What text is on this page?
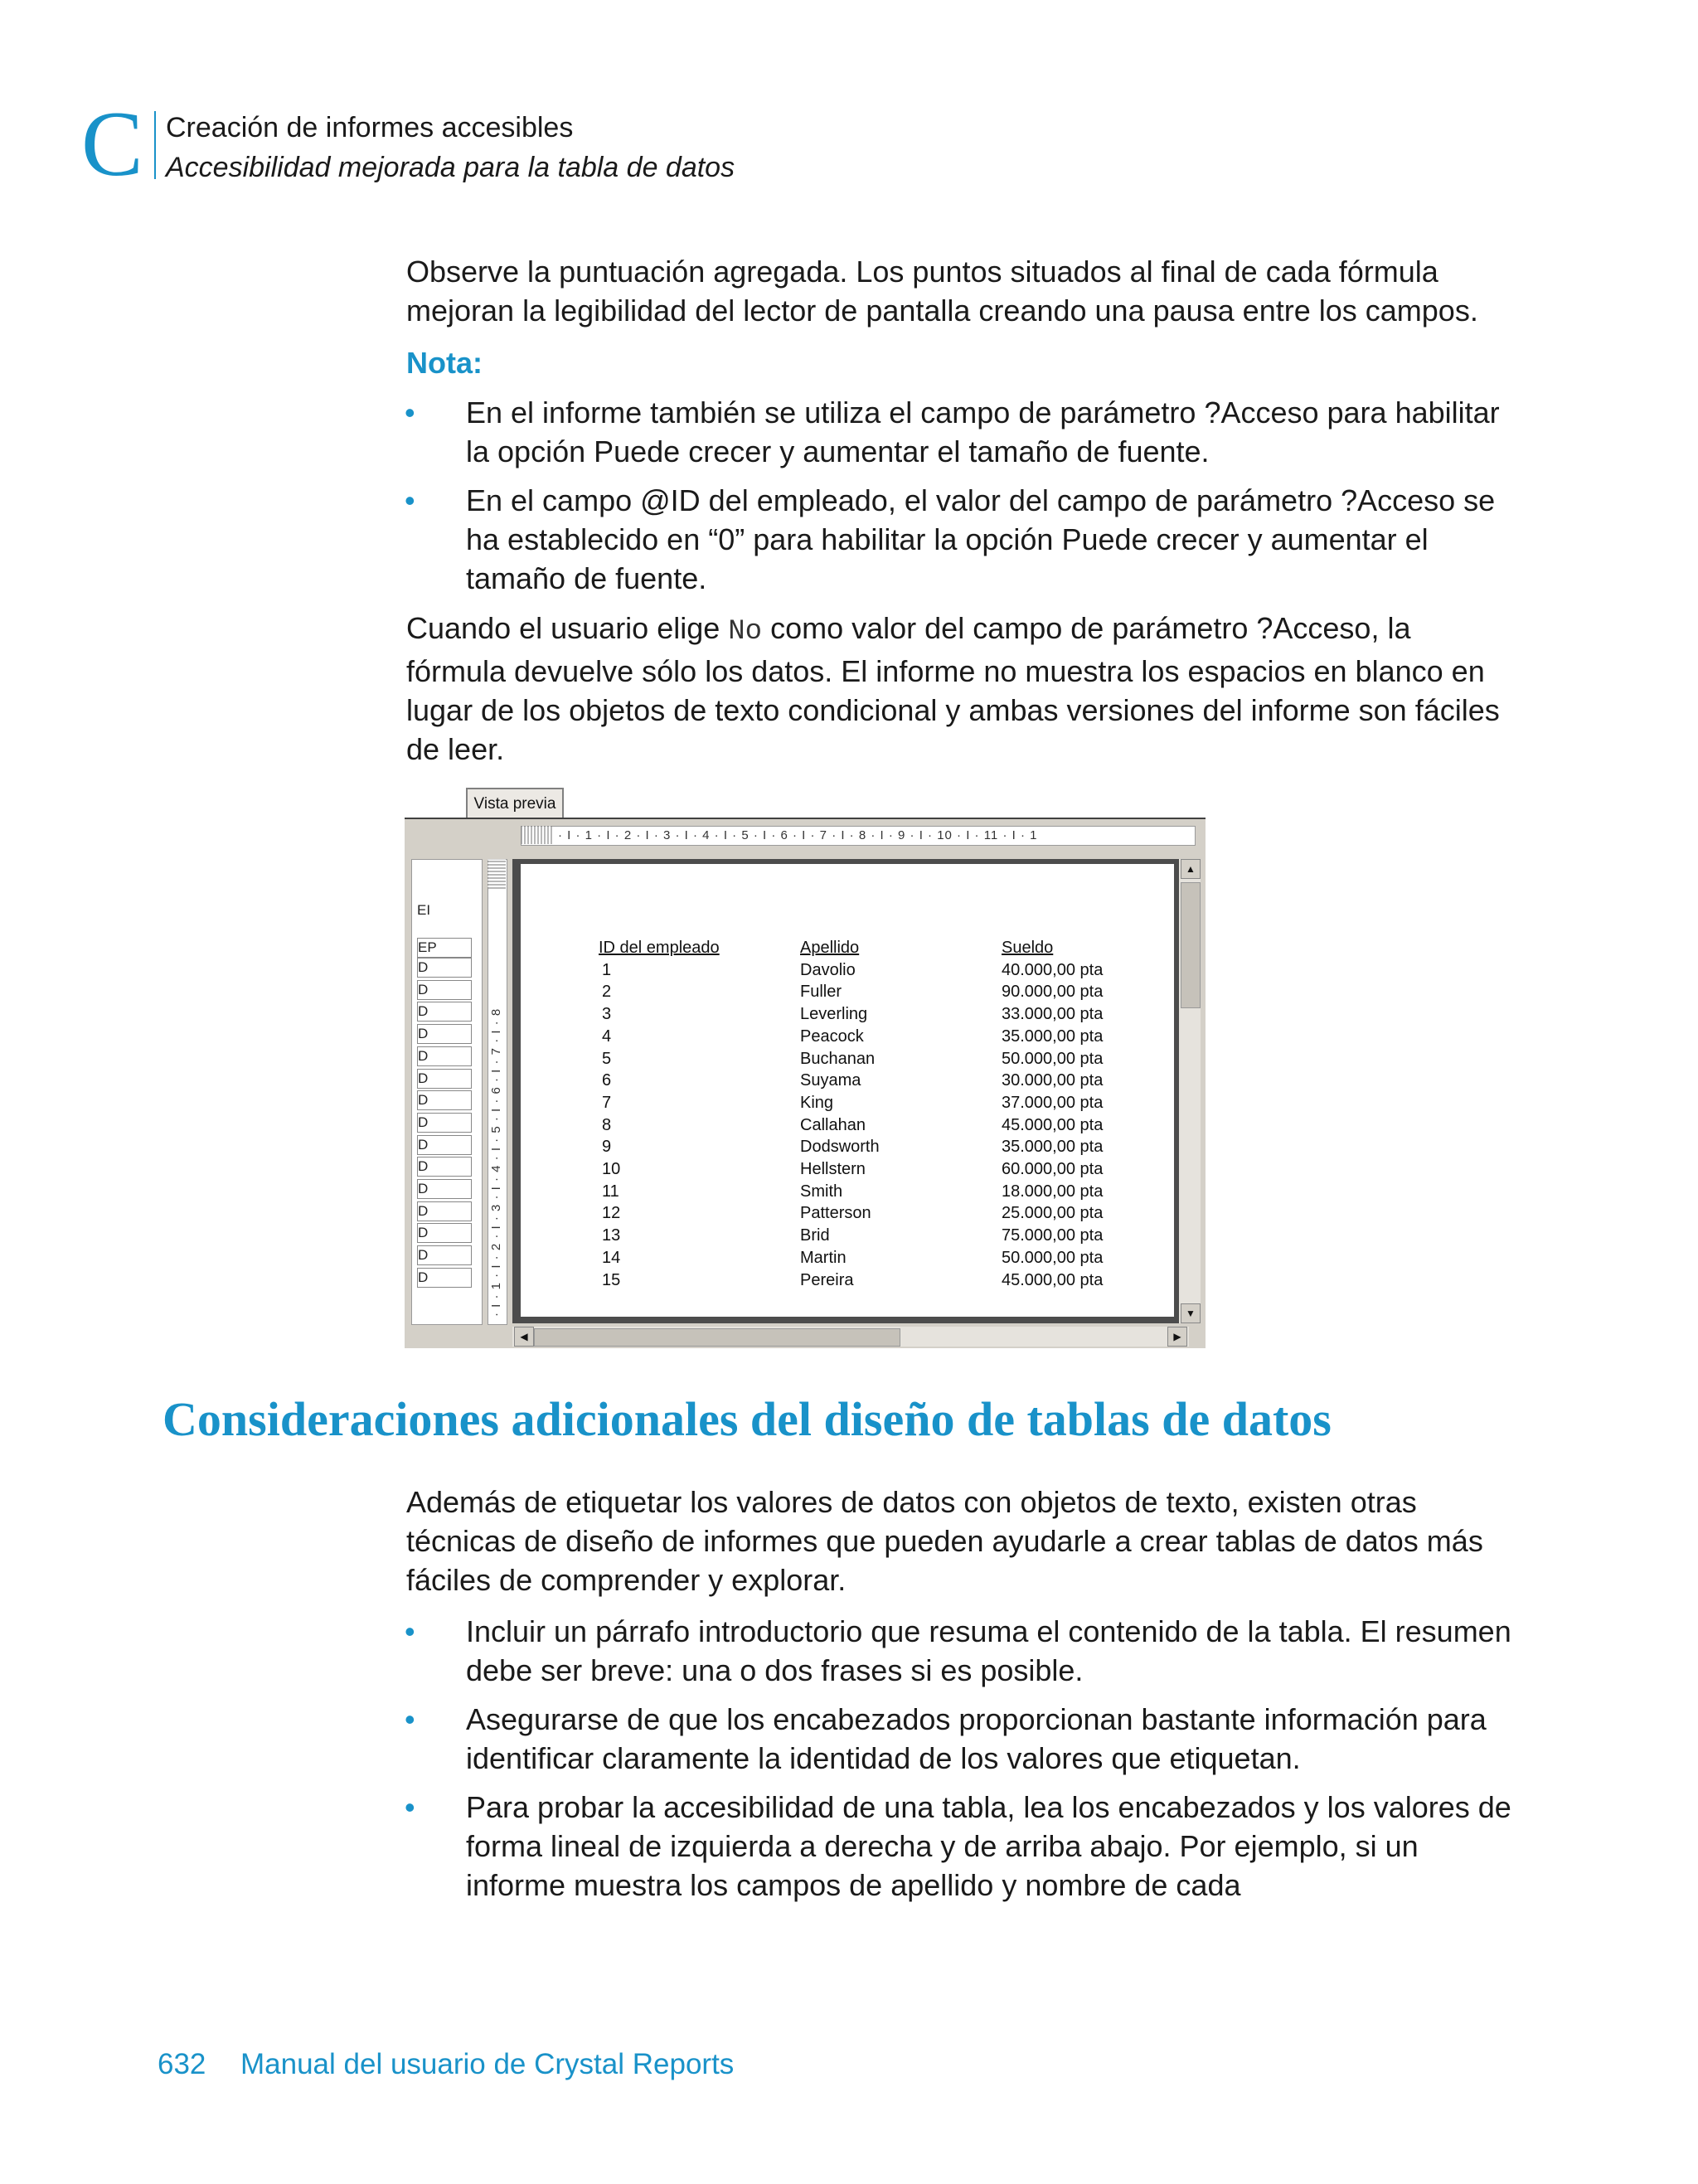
C Creación de informes accesibles
Accesibilidad mejorada para la tabla de datos
Observe la puntuación agregada. Los puntos situados al final de cada fórmula mejoran la legibilidad del lector de pantalla creando una pausa entre los campos.
Nota:
• En el informe también se utiliza el campo de parámetro ?Acceso para habilitar la opción Puede crecer y aumentar el tamaño de fuente.
• En el campo @ID del empleado, el valor del campo de parámetro ?Acceso se ha establecido en “0” para habilitar la opción Puede crecer y aumentar el tamaño de fuente.
Cuando el usuario elige No como valor del campo de parámetro ?Acceso, la fórmula devuelve sólo los datos. El informe no muestra los espacios en blanco en lugar de los objetos de texto condicional y ambas versiones del informe son fáciles de leer.
Vista previa
· I · 1 · I · 2 · I · 3 · I · 4 · I · 5 · I · 6 · I · 7 · I · 8 · I · 9 · I · 10 · I · 11 · I · 1
EI
EP
D
D
D
D
D
D
D
D
D
D
D
D
D
D
D	· I · 1 · I · 2 · I · 3 · I · 4 · I · 5 · I · 6 · I · 7 · I · 8
ID del empleado	Apellido	Sueldo
1	Davolio	40.000,00 pta
2	Fuller	90.000,00 pta
3	Leverling	33.000,00 pta
4	Peacock	35.000,00 pta
5	Buchanan	50.000,00 pta
6	Suyama	30.000,00 pta
7	King	37.000,00 pta
8	Callahan	45.000,00 pta
9	Dodsworth	35.000,00 pta
10	Hellstern	60.000,00 pta
11	Smith	18.000,00 pta
12	Patterson	25.000,00 pta
13	Brid	75.000,00 pta
14	Martin	50.000,00 pta
15	Pereira	45.000,00 pta
▲
▼
◀	▶
Consideraciones adicionales del diseño de tablas de datos
Además de etiquetar los valores de datos con objetos de texto, existen otras técnicas de diseño de informes que pueden ayudarle a crear tablas de datos más fáciles de comprender y explorar.
• Incluir un párrafo introductorio que resuma el contenido de la tabla. El resumen debe ser breve: una o dos frases si es posible.
• Asegurarse de que los encabezados proporcionan bastante información para identificar claramente la identidad de los valores que etiquetan.
• Para probar la accesibilidad de una tabla, lea los encabezados y los valores de forma lineal de izquierda a derecha y de arriba abajo. Por ejemplo, si un informe muestra los campos de apellido y nombre de cada
632 Manual del usuario de Crystal Reports
